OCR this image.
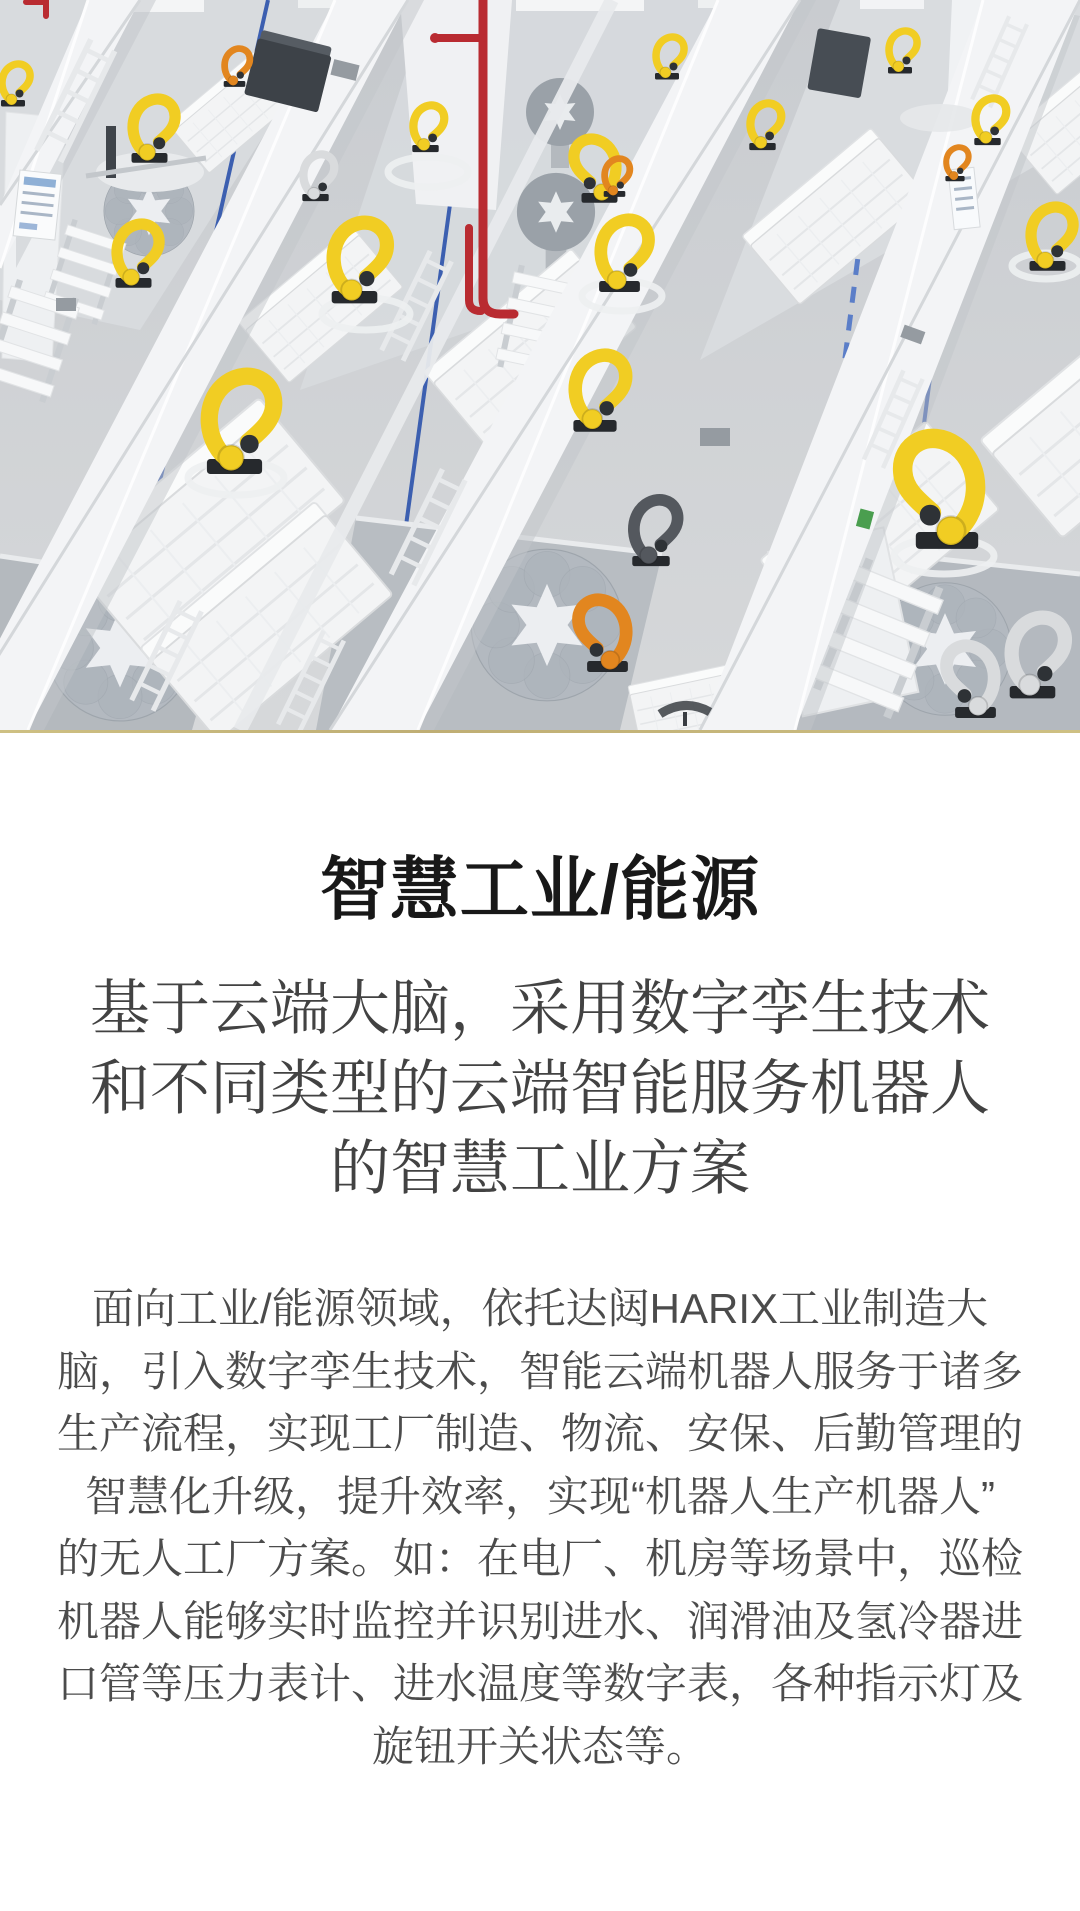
智慧工业/能源
基于云端大脑，采用数字孪生技术
和不同类型的云端智能服务机器人
的智慧工业方案
面向工业/能源领域，依托达闼HARIX工业制造大
脑，引入数字孪生技术，智能云端机器人服务于诸多
生产流程，实现工厂制造、物流、安保、后勤管理的
智慧化升级，提升效率，实现“机器人生产机器人”
的无人工厂方案。如：在电厂、机房等场景中，巡检
机器人能够实时监控并识别进水、润滑油及氢冷器进
口管等压力表计、进水温度等数字表，各种指示灯及
旋钮开关状态等。
